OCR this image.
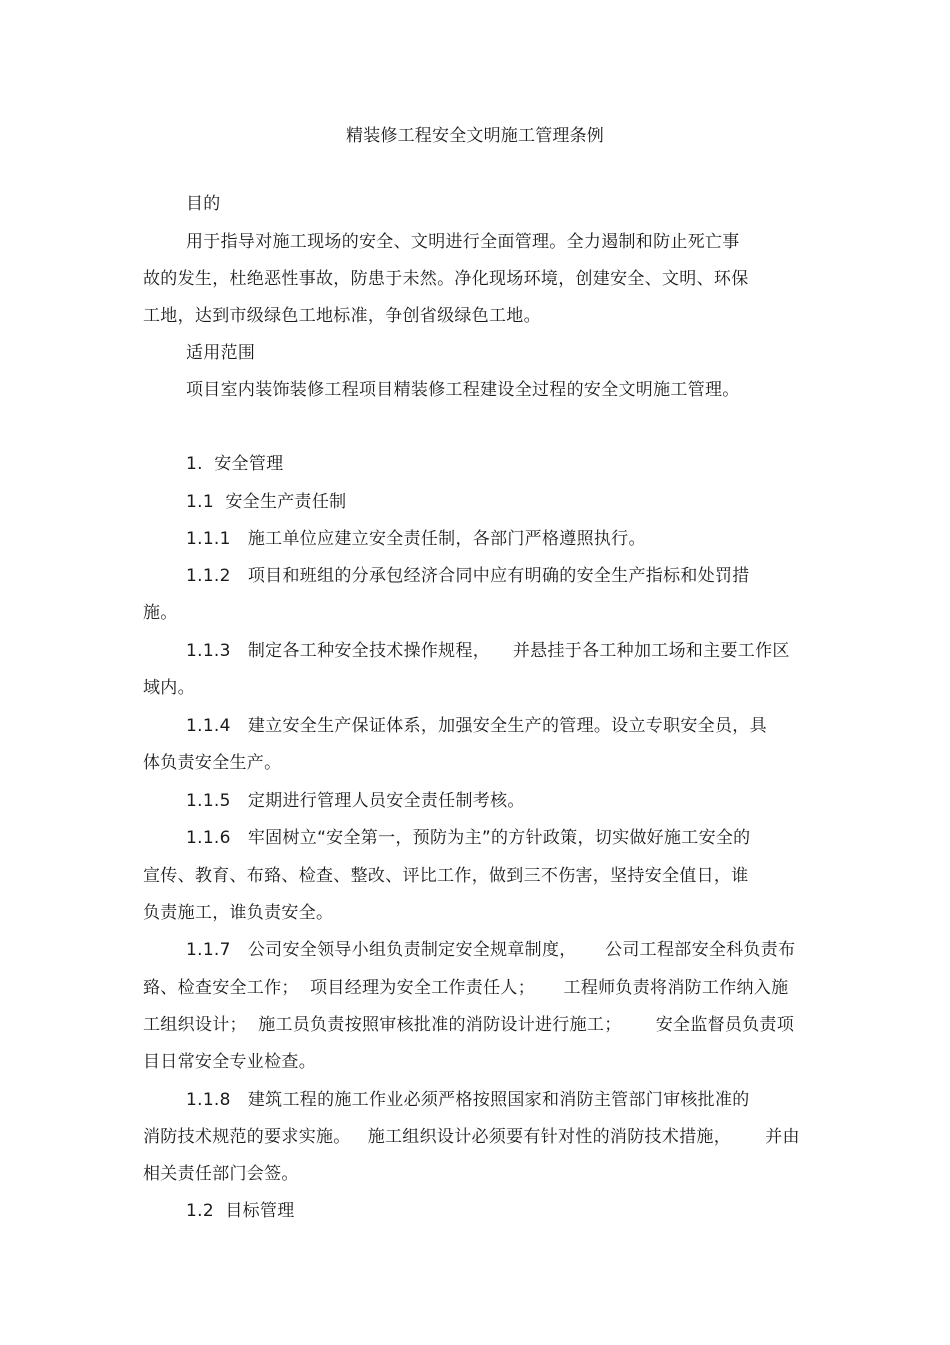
精装修工程安全文明施工管理条例
目的
用于指导对施工现场的安全、文明进行全面管理。全力遏制和防止死亡事
故的发生，杜绝恶性事故，防患于未然。净化现场环境，创建安全、文明、环保
工地，达到市级绿色工地标准，争创省级绿色工地。
适用范围
项目室内装饰装修工程项目精装修工程建设全过程的安全文明施工管理。
1.  安全管理
1.1  安全生产责任制
1.1.1   施工单位应建立安全责任制，各部门严格遵照执行。
1.1.2   项目和班组的分承包经济合同中应有明确的安全生产指标和处罚措
施。
1.1.3   制定各工种安全技术操作规程，    并悬挂于各工种加工场和主要工作区
域内。
1.1.4   建立安全生产保证体系，加强安全生产的管理。设立专职安全员，具
体负责安全生产。
1.1.5   定期进行管理人员安全责任制考核。
1.1.6   牢固树立“安全第一，预防为主”的方针政策，切实做好施工安全的
宣传、教育、布臵、检查、整改、评比工作，做到三不伤害，坚持安全值日，谁
负责施工，谁负责安全。
1.1.7   公司安全领导小组负责制定安全规章制度，     公司工程部安全科负责布
臵、检查安全工作；  项目经理为安全工作责任人；     工程师负责将消防工作纳入施
工组织设计；  施工员负责按照审核批准的消防设计进行施工；      安全监督员负责项
目日常安全专业检查。
1.1.8   建筑工程的施工作业必须严格按照国家和消防主管部门审核批准的
消防技术规范的要求实施。   施工组织设计必须要有针对性的消防技术措施，      并由
相关责任部门会签。
1.2  目标管理
